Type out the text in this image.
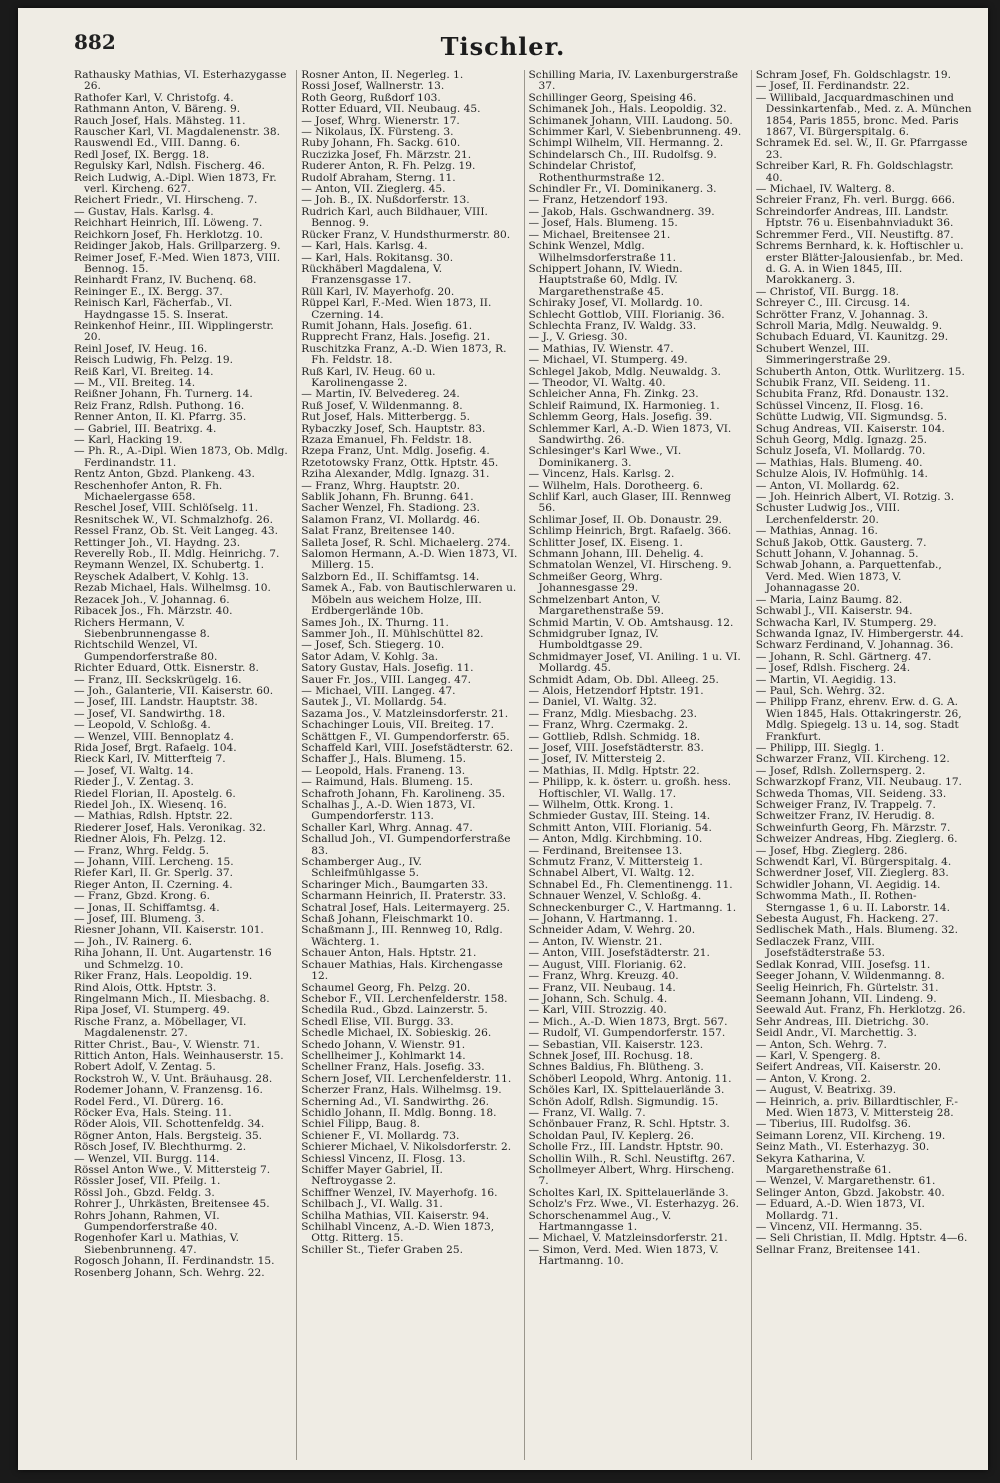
882	Tischler.
Rathausky Mathias, VI. Esterhazygasse 26.
Rathofer Karl, V. Christofg. 4.
Rathmann Anton, V. Bäreng. 9.
Rauch Josef, Hals. Mähsteg. 11.
Rauscher Karl, VI. Magdalenenstr. 38.
Rauswendl Ed., VIII. Danng. 6.
Redl Josef, IX. Bergg. 18.
Regulsky Karl, Ndlsh. Fischerg. 46.
Reich Ludwig, A.-Dipl. Wien 1873, Fr. verl. Kircheng. 627.
Reichert Friedr., VI. Hirscheng. 7.
— Gustav, Hals. Karlsg. 4.
Reichhart Heinrich, III. Löweng. 7.
Reichkorn Josef, Fh. Herklotzg. 10.
Reidinger Jakob, Hals. Grillparzerg. 9.
Reimer Josef, F.-Med. Wien 1873, VIII. Bennog. 15.
Reinhardt Franz, IV. Buchenq. 68.
Reininger E., IX. Bergg. 37.
Reinisch Karl, Fächerfab., VI. Haydngasse 15. S. Inserat.
Reinkenhof Heinr., III. Wipplingerstr. 20.
Reinl Josef, IV. Heug. 16.
Reisch Ludwig, Fh. Pelzg. 19.
Reiß Karl, VI. Breiteg. 14.
— M., VII. Breiteg. 14.
Reißner Johann, Fh. Turnerg. 14.
Reiz Franz, Rdlsh. Puthong. 16.
Renner Anton, II. Kl. Pfarrg. 35.
— Gabriel, III. Beatrixg. 4.
— Karl, Hacking 19.
— Ph. R., A.-Dipl. Wien 1873, Ob. Mdlg. Ferdinandstr. 11.
Rentz Anton, Gbzd. Plankeng. 43.
Reschenhofer Anton, R. Fh. Michaelergasse 658.
Reschel Josef, VIII. Schlöſselg. 11.
Resnitschek W., VI. Schmalzhofg. 26.
Ressel Franz, Ob. St. Veit Langeg. 43.
Rettinger Joh., VI. Haydng. 23.
Reverelly Rob., II. Mdlg. Heinrichg. 7.
Reymann Wenzel, IX. Schubertg. 1.
Reyschek Adalbert, V. Kohlg. 13.
Rezab Michael, Hals. Wilhelmsg. 10.
Rezacek Joh., V. Johannag. 6.
Ribacek Jos., Fh. Märzstr. 40.
Richers Hermann, V. Siebenbrunnengasse 8.
Richtschild Wenzel, VI. Gumpendorferstraße 80.
Richter Eduard, Ottk. Eisnerstr. 8.
— Franz, III. Seckskrügelg. 16.
— Joh., Galanterie, VII. Kaiserstr. 60.
— Josef, III. Landstr. Hauptstr. 38.
— Josef, VI. Sandwirthg. 18.
— Leopold, V. Schloßg. 4.
— Wenzel, VIII. Bennoplatz 4.
Rida Josef, Brgt. Rafaelg. 104.
Rieck Karl, IV. Mitterfteig 7.
— Josef, VI. Waltg. 14.
Rieder J., V. Zentag. 3.
Riedel Florian, II. Apostelg. 6.
Riedel Joh., IX. Wiesenq. 16.
— Mathias, Rdlsh. Hptstr. 22.
Riederer Josef, Hals. Veronikag. 32.
Riedner Alois, Fh. Pelzg. 12.
— Franz, Whrg. Feldg. 5.
— Johann, VIII. Lercheng. 15.
Riefer Karl, II. Gr. Sperlg. 37.
Rieger Anton, II. Czerning. 4.
— Franz, Gbzd. Krong. 6.
— Jonas, II. Schiffamtsg. 4.
— Josef, III. Blumeng. 3.
Riesner Johann, VII. Kaiserstr. 101.
— Joh., IV. Rainerg. 6.
Riha Johann, II. Unt. Augartenstr. 16 und Schmelzg. 10.
Riker Franz, Hals. Leopoldig. 19.
Rind Alois, Ottk. Hptstr. 3.
Ringelmann Mich., II. Miesbachg. 8.
Ripa Josef, VI. Stumperg. 49.
Rische Franz, a. Möbellager, VI. Magdalenenstr. 27.
Ritter Christ., Bau-, V. Wienstr. 71.
Rittich Anton, Hals. Weinhauserstr. 15.
Robert Adolf, V. Zentag. 5.
Rockstroh W., V. Unt. Bräuhausg. 28.
Rodemer Johann, V. Franzensg. 16.
Rodel Ferd., VI. Dürerg. 16.
Röcker Eva, Hals. Steing. 11.
Röder Alois, VII. Schottenfeldg. 34.
Rögner Anton, Hals. Bergsteig. 35.
Rösch Josef, IV. Blechthurmg. 2.
— Wenzel, VII. Burgg. 114.
Rössel Anton Wwe., V. Mittersteig 7.
Rössler Josef, VII. Pfeilg. 1.
Rössl Joh., Gbzd. Feldg. 3.
Rohrer J., Uhrkästen, Breitensee 45.
Rohrs Johann, Rahmen, VI. Gumpendorferstraße 40.
Rogenhofer Karl u. Mathias, V. Siebenbrunneng. 47.
Rogosch Johann, II. Ferdinandstr. 15.
Rosenberg Johann, Sch. Wehrg. 22.
Rosner Anton, II. Negerleg. 1.
Rossi Josef, Wallnerstr. 13.
Roth Georg, Rußdorf 103.
Rotter Eduard, VII. Neubaug. 45.
— Josef, Whrg. Wienerstr. 17.
— Nikolaus, IX. Fürsteng. 3.
Ruby Johann, Fh. Sackg. 610.
Ruczizka Josef, Fh. Märzstr. 21.
Ruderer Anton, R. Fh. Pelzg. 19.
Rudolf Abraham, Sterng. 11.
— Anton, VII. Zieglerg. 45.
— Joh. B., IX. Nußdorferstr. 13.
Rudrich Karl, auch Bildhauer, VIII. Bennog. 9.
Rücker Franz, V. Hundsthurmerstr. 80.
— Karl, Hals. Karlsg. 4.
— Karl, Hals. Rokitansg. 30.
Rückhäberl Magdalena, V. Franzensgasse 17.
Rüll Karl, IV. Mayerhofg. 20.
Rüppel Karl, F.-Med. Wien 1873, II. Czerning. 14.
Rumit Johann, Hals. Josefig. 61.
Rupprecht Franz, Hals. Josefig. 21.
Ruschitzka Franz, A.-D. Wien 1873, R. Fh. Feldstr. 18.
Ruß Karl, IV. Heug. 60 u. Karolinengasse 2.
— Martin, IV. Belvedereg. 24.
Ruß Josef, V. Wildenmanng. 8.
Rut Josef, Hals. Mitterbergg. 5.
Rybaczky Josef, Sch. Hauptstr. 83.
Rzaza Emanuel, Fh. Feldstr. 18.
Rzepa Franz, Unt. Mdlg. Josefig. 4.
Rzetotowsky Franz, Ottk. Hptstr. 45.
Rziha Alexander, Mdlg. Ignazg. 31.
— Franz, Whrg. Hauptstr. 20.
Sablik Johann, Fh. Brunng. 641.
Sacher Wenzel, Fh. Stadiong. 23.
Salamon Franz, VI. Mollardg. 46.
Salat Franz, Breitensee 140.
Salleta Josef, R. Schl. Michaelerg. 274.
Salomon Hermann, A.-D. Wien 1873, VI. Millerg. 15.
Salzborn Ed., II. Schiffamtsg. 14.
Samek A., Fab. von Bautischlerwaren u. Möbeln aus weichem Holze, III. Erdbergerlände 10b.
Sames Joh., IX. Thurng. 11.
Sammer Joh., II. Mühlschüttel 82.
— Josef, Sch. Stiegerg. 10.
Sator Adam, V. Kohlg. 3a.
Satory Gustav, Hals. Josefig. 11.
Sauer Fr. Jos., VIII. Langeg. 47.
— Michael, VIII. Langeg. 47.
Sautek J., VI. Mollardg. 54.
Sazama Jos., V. Matzleinsdorferstr. 21.
Schachinger Louis, VII. Breiteg. 17.
Schättgen F., VI. Gumpendorferstr. 65.
Schaffeld Karl, VIII. Josefstädterstr. 62.
Schaffer J., Hals. Blumeng. 15.
— Leopold, Hals. Franeng. 13.
— Raimund, Hals. Blumeng. 15.
Schafroth Johann, Fh. Karolineng. 35.
Schalhas J., A.-D. Wien 1873, VI. Gumpendorferstr. 113.
Schaller Karl, Whrg. Annag. 47.
Schallud Joh., VI. Gumpendorferstraße 83.
Schamberger Aug., IV. Schleifmühlgasse 5.
Scharinger Mich., Baumgarten 33.
Scharmann Heinrich, II. Praterstr. 33.
Schatral Josef, Hals. Leitermayerg. 25.
Schaß Johann, Fleischmarkt 10.
Schaßmann J., III. Rennweg 10, Rdlg. Wächterg. 1.
Schauer Anton, Hals. Hptstr. 21.
Schauer Mathias, Hals. Kirchengasse 12.
Schaumel Georg, Fh. Pelzg. 20.
Schebor F., VII. Lerchenfelderstr. 158.
Schedila Rud., Gbzd. Lainzerstr. 5.
Schedl Elise, VII. Burgg. 33.
Schedle Michael, IX. Sobieskig. 26.
Schedo Johann, V. Wienstr. 91.
Schellheimer J., Kohlmarkt 14.
Schellner Franz, Hals. Josefig. 33.
Schern Josef, VII. Lerchenfelderstr. 11.
Scherzer Franz, Hals. Wilhelmsg. 19.
Scherning Ad., VI. Sandwirthg. 26.
Schidlo Johann, II. Mdlg. Bonng. 18.
Schiel Filipp, Baug. 8.
Schiener F., VI. Mollardg. 73.
Schierer Michael, V. Nikolsdorferstr. 2.
Schiessl Vincenz, II. Flosg. 13.
Schiffer Mayer Gabriel, II. Neftroygasse 2.
Schiffner Wenzel, IV. Mayerhofg. 16.
Schilbach J., VI. Wallg. 31.
Schilha Mathias, VII. Kaiserstr. 94.
Schilhabl Vincenz, A.-D. Wien 1873, Ottg. Ritterg. 15.
Schiller St., Tiefer Graben 25.
Schilling Maria, IV. Laxenburgerstraße 37.
Schillinger Georg, Speising 46.
Schimanek Joh., Hals. Leopoldig. 32.
Schimanek Johann, VIII. Laudong. 50.
Schimmer Karl, V. Siebenbrunneng. 49.
Schimpl Wilhelm, VII. Hermanng. 2.
Schindelarsch Ch., III. Rudolfsg. 9.
Schindelar Christof, Rothenthurmstraße 12.
Schindler Fr., VI. Dominikanerg. 3.
— Franz, Hetzendorf 193.
— Jakob, Hals. Gschwandnerg. 39.
— Josef, Hals. Blumeng. 15.
— Michael, Breitensee 21.
Schink Wenzel, Mdlg. Wilhelmsdorferstraße 11.
Schippert Johann, IV. Wiedn. Hauptstraße 60, Mdlg. IV. Margarethenstraße 45.
Schiraky Josef, VI. Mollardg. 10.
Schlecht Gottlob, VIII. Florianig. 36.
Schlechta Franz, IV. Waldg. 33.
— J., V. Griesg. 30.
— Mathias, IV. Wienstr. 47.
— Michael, VI. Stumperg. 49.
Schlegel Jakob, Mdlg. Neuwaldg. 3.
— Theodor, VI. Waltg. 40.
Schleicher Anna, Fh. Zinkg. 23.
Schleif Raimund, IX. Harmonieg. 1.
Schlemm Georg, Hals. Josefig. 39.
Schlemmer Karl, A.-D. Wien 1873, VI. Sandwirthg. 26.
Schlesinger's Karl Wwe., VI. Dominikanerg. 3.
— Vincenz, Hals. Karlsg. 2.
— Wilhelm, Hals. Dorotheerg. 6.
Schlif Karl, auch Glaser, III. Rennweg 56.
Schlimar Josef, II. Ob. Donaustr. 29.
Schlimp Heinrich, Brgt. Rafaelg. 366.
Schlitter Josef, IX. Eiseng. 1.
Schmann Johann, III. Dehelig. 4.
Schmatolan Wenzel, VI. Hirscheng. 9.
Schmeißer Georg, Whrg. Johannesgasse 29.
Schmelzenbart Anton, V. Margarethenstraße 59.
Schmid Martin, V. Ob. Amtshausg. 12.
Schmidgruber Ignaz, IV. Humboldtgasse 29.
Schmidmayer Josef, VI. Aniling. 1 u. VI. Mollardg. 45.
Schmidt Adam, Ob. Dbl. Alleeg. 25.
— Alois, Hetzendorf Hptstr. 191.
— Daniel, VI. Waltg. 32.
— Franz, Mdlg. Miesbachg. 23.
— Franz, Whrg. Czermakg. 2.
— Gottlieb, Rdlsh. Schmidg. 18.
— Josef, VIII. Josefstädterstr. 83.
— Josef, IV. Mittersteig 2.
— Mathias, II. Mdlg. Hptstr. 22.
— Philipp, k. k. österr. u. großh. hess. Hoftischler, VI. Wallg. 17.
— Wilhelm, Ottk. Krong. 1.
Schmieder Gustav, III. Steing. 14.
Schmitt Anton, VIII. Florianig. 54.
— Anton, Mdlg. Kirchbming. 10.
— Ferdinand, Breitensee 13.
Schmutz Franz, V. Mittersteig 1.
Schnabel Albert, VI. Waltg. 12.
Schnabel Ed., Fh. Clementinengg. 11.
Schnauer Wenzel, V. Schloßg. 4.
Schneckenburger C., V. Hartmanng. 1.
— Johann, V. Hartmanng. 1.
Schneider Adam, V. Wehrg. 20.
— Anton, IV. Wienstr. 21.
— Anton, VIII. Josefstädterstr. 21.
— August, VIII. Florianig. 62.
— Franz, Whrg. Kreuzg. 40.
— Franz, VII. Neubaug. 14.
— Johann, Sch. Schulg. 4.
— Karl, VIII. Strozzig. 40.
— Mich., A.-D. Wien 1873, Brgt. 567.
— Rudolf, VI. Gumpendorferstr. 157.
— Sebastian, VII. Kaiserstr. 123.
Schnek Josef, III. Rochusg. 18.
Schnes Baldius, Fh. Blütheng. 3.
Schöberl Leopold, Whrg. Antonig. 11.
Schöles Karl, IX. Spittelauerlände 3.
Schön Adolf, Rdlsh. Sigmundig. 15.
— Franz, VI. Wallg. 7.
Schönbauer Franz, R. Schl. Hptstr. 3.
Scholdan Paul, IV. Keplerg. 26.
Scholle Frz., III. Landstr. Hptstr. 90.
Schollin Wilh., R. Schl. Neustiftg. 267.
Schollmeyer Albert, Whrg. Hirscheng. 7.
Scholtes Karl, IX. Spittelauerlände 3.
Scholz's Frz. Wwe., VI. Esterhazyg. 26.
Schorschenammel Aug., V. Hartmanngasse 1.
— Michael, V. Matzleinsdorferstr. 21.
— Simon, Verd. Med. Wien 1873, V. Hartmanng. 10.
Schram Josef, Fh. Goldschlagstr. 19.
— Josef, II. Ferdinandstr. 22.
— Willibald, Jacquardmaschinen und Dessinkartenfab., Med. z. A. München 1854, Paris 1855, bronc. Med. Paris 1867, VI. Bürgerspitalg. 6.
Schramek Ed. sel. W., II. Gr. Pfarrgasse 23.
Schreiber Karl, R. Fh. Goldschlagstr. 40.
— Michael, IV. Walterg. 8.
Schreier Franz, Fh. verl. Burgg. 666.
Schreindorfer Andreas, III. Landstr. Hptstr. 76 u. Eisenbahnviadukt 36.
Schremmer Ferd., VII. Neustiftg. 87.
Schrems Bernhard, k. k. Hoftischler u. erster Blätter-Jalousienfab., br. Med. d. G. A. in Wien 1845, III. Marokkanerg. 3.
— Christof, VII. Burgg. 18.
Schreyer C., III. Circusg. 14.
Schrötter Franz, V. Johannag. 3.
Schroll Maria, Mdlg. Neuwaldg. 9.
Schubach Eduard, VI. Kaunitzg. 29.
Schubert Wenzel, III. Simmeringerstraße 29.
Schuberth Anton, Ottk. Wurlitzerg. 15.
Schubik Franz, VII. Seideng. 11.
Schubita Franz, Rfd. Donaustr. 132.
Schüssel Vincenz, II. Flosg. 16.
Schütte Ludwig, VII. Sigmundsg. 5.
Schug Andreas, VII. Kaiserstr. 104.
Schuh Georg, Mdlg. Ignazg. 25.
Schulz Josefa, VI. Mollardg. 70.
— Mathias, Hals. Blumeng. 40.
Schulze Alois, IV. Hofmühlg. 14.
— Anton, VI. Mollardg. 62.
— Joh. Heinrich Albert, VI. Rotzig. 3.
Schuster Ludwig Jos., VIII. Lerchenfelderstr. 20.
— Mathias, Annag. 16.
Schuß Jakob, Ottk. Gausterg. 7.
Schutt Johann, V. Johannag. 5.
Schwab Johann, a. Parquettenfab., Verd. Med. Wien 1873, V. Johannagasse 20.
— Maria, Lainz Baumg. 82.
Schwabl J., VII. Kaiserstr. 94.
Schwacha Karl, IV. Stumperg. 29.
Schwanda Ignaz, IV. Himbergerstr. 44.
Schwarz Ferdinand, V. Johannag. 36.
— Johann, R. Schl. Gärtnerg. 47.
— Josef, Rdlsh. Fischerg. 24.
— Martin, VI. Aegidig. 13.
— Paul, Sch. Wehrg. 32.
— Philipp Franz, ehrenv. Erw. d. G. A. Wien 1845, Hals. Ottakringerstr. 26, Mdlg. Spiegelg. 13 u. 14, sog. Stadt Frankfurt.
— Philipp, III. Sieglg. 1.
Schwarzer Franz, VII. Kircheng. 12.
— Josef, Rdlsh. Zollernsperg. 2.
Schwarzkopf Franz, VII. Neubaug. 17.
Schweda Thomas, VII. Seideng. 33.
Schweiger Franz, IV. Trappelg. 7.
Schweitzer Franz, IV. Herudig. 8.
Schweinfurth Georg, Fh. Märzstr. 7.
Schweizer Andreas, Hbg. Zieglerg. 6.
— Josef, Hbg. Zieglerg. 286.
Schwendt Karl, VI. Bürgerspitalg. 4.
Schwerdner Josef, VII. Zieglerg. 83.
Schwidler Johann, VI. Aegidig. 14.
Schwomma Math., II. Rothen-Sterngasse 1, 6 u. II. Laborstr. 14.
Sebesta August, Fh. Hackeng. 27.
Sedlischek Math., Hals. Blumeng. 32.
Sedlaczek Franz, VIII. Josefstädterstraße 53.
Sedlak Konrad, VIII. Josefsg. 11.
Seeger Johann, V. Wildenmanng. 8.
Seelig Heinrich, Fh. Gürtelstr. 31.
Seemann Johann, VII. Lindeng. 9.
Seewald Aut. Franz, Fh. Herklotzg. 26.
Sehr Andreas, III. Dietrichg. 30.
Seidl Andr., VI. Marchettig. 3.
— Anton, Sch. Wehrg. 7.
— Karl, V. Spengerg. 8.
Seifert Andreas, VII. Kaiserstr. 20.
— Anton, V. Krong. 2.
— August, V. Beatrixg. 39.
— Heinrich, a. priv. Billardtischler, F.-Med. Wien 1873, V. Mittersteig 28.
— Tiberius, III. Rudolfsg. 36.
Seimann Lorenz, VII. Kircheng. 19.
Seinz Math., VI. Esterhazyg. 30.
Sekyra Katharina, V. Margarethenstraße 61.
— Wenzel, V. Margarethenstr. 61.
Selinger Anton, Gbzd. Jakobstr. 40.
— Eduard, A.-D. Wien 1873, VI. Mollardg. 71.
— Vincenz, VII. Hermanng. 35.
— Seli Christian, II. Mdlg. Hptstr. 4—6.
Sellnar Franz, Breitensee 141.
